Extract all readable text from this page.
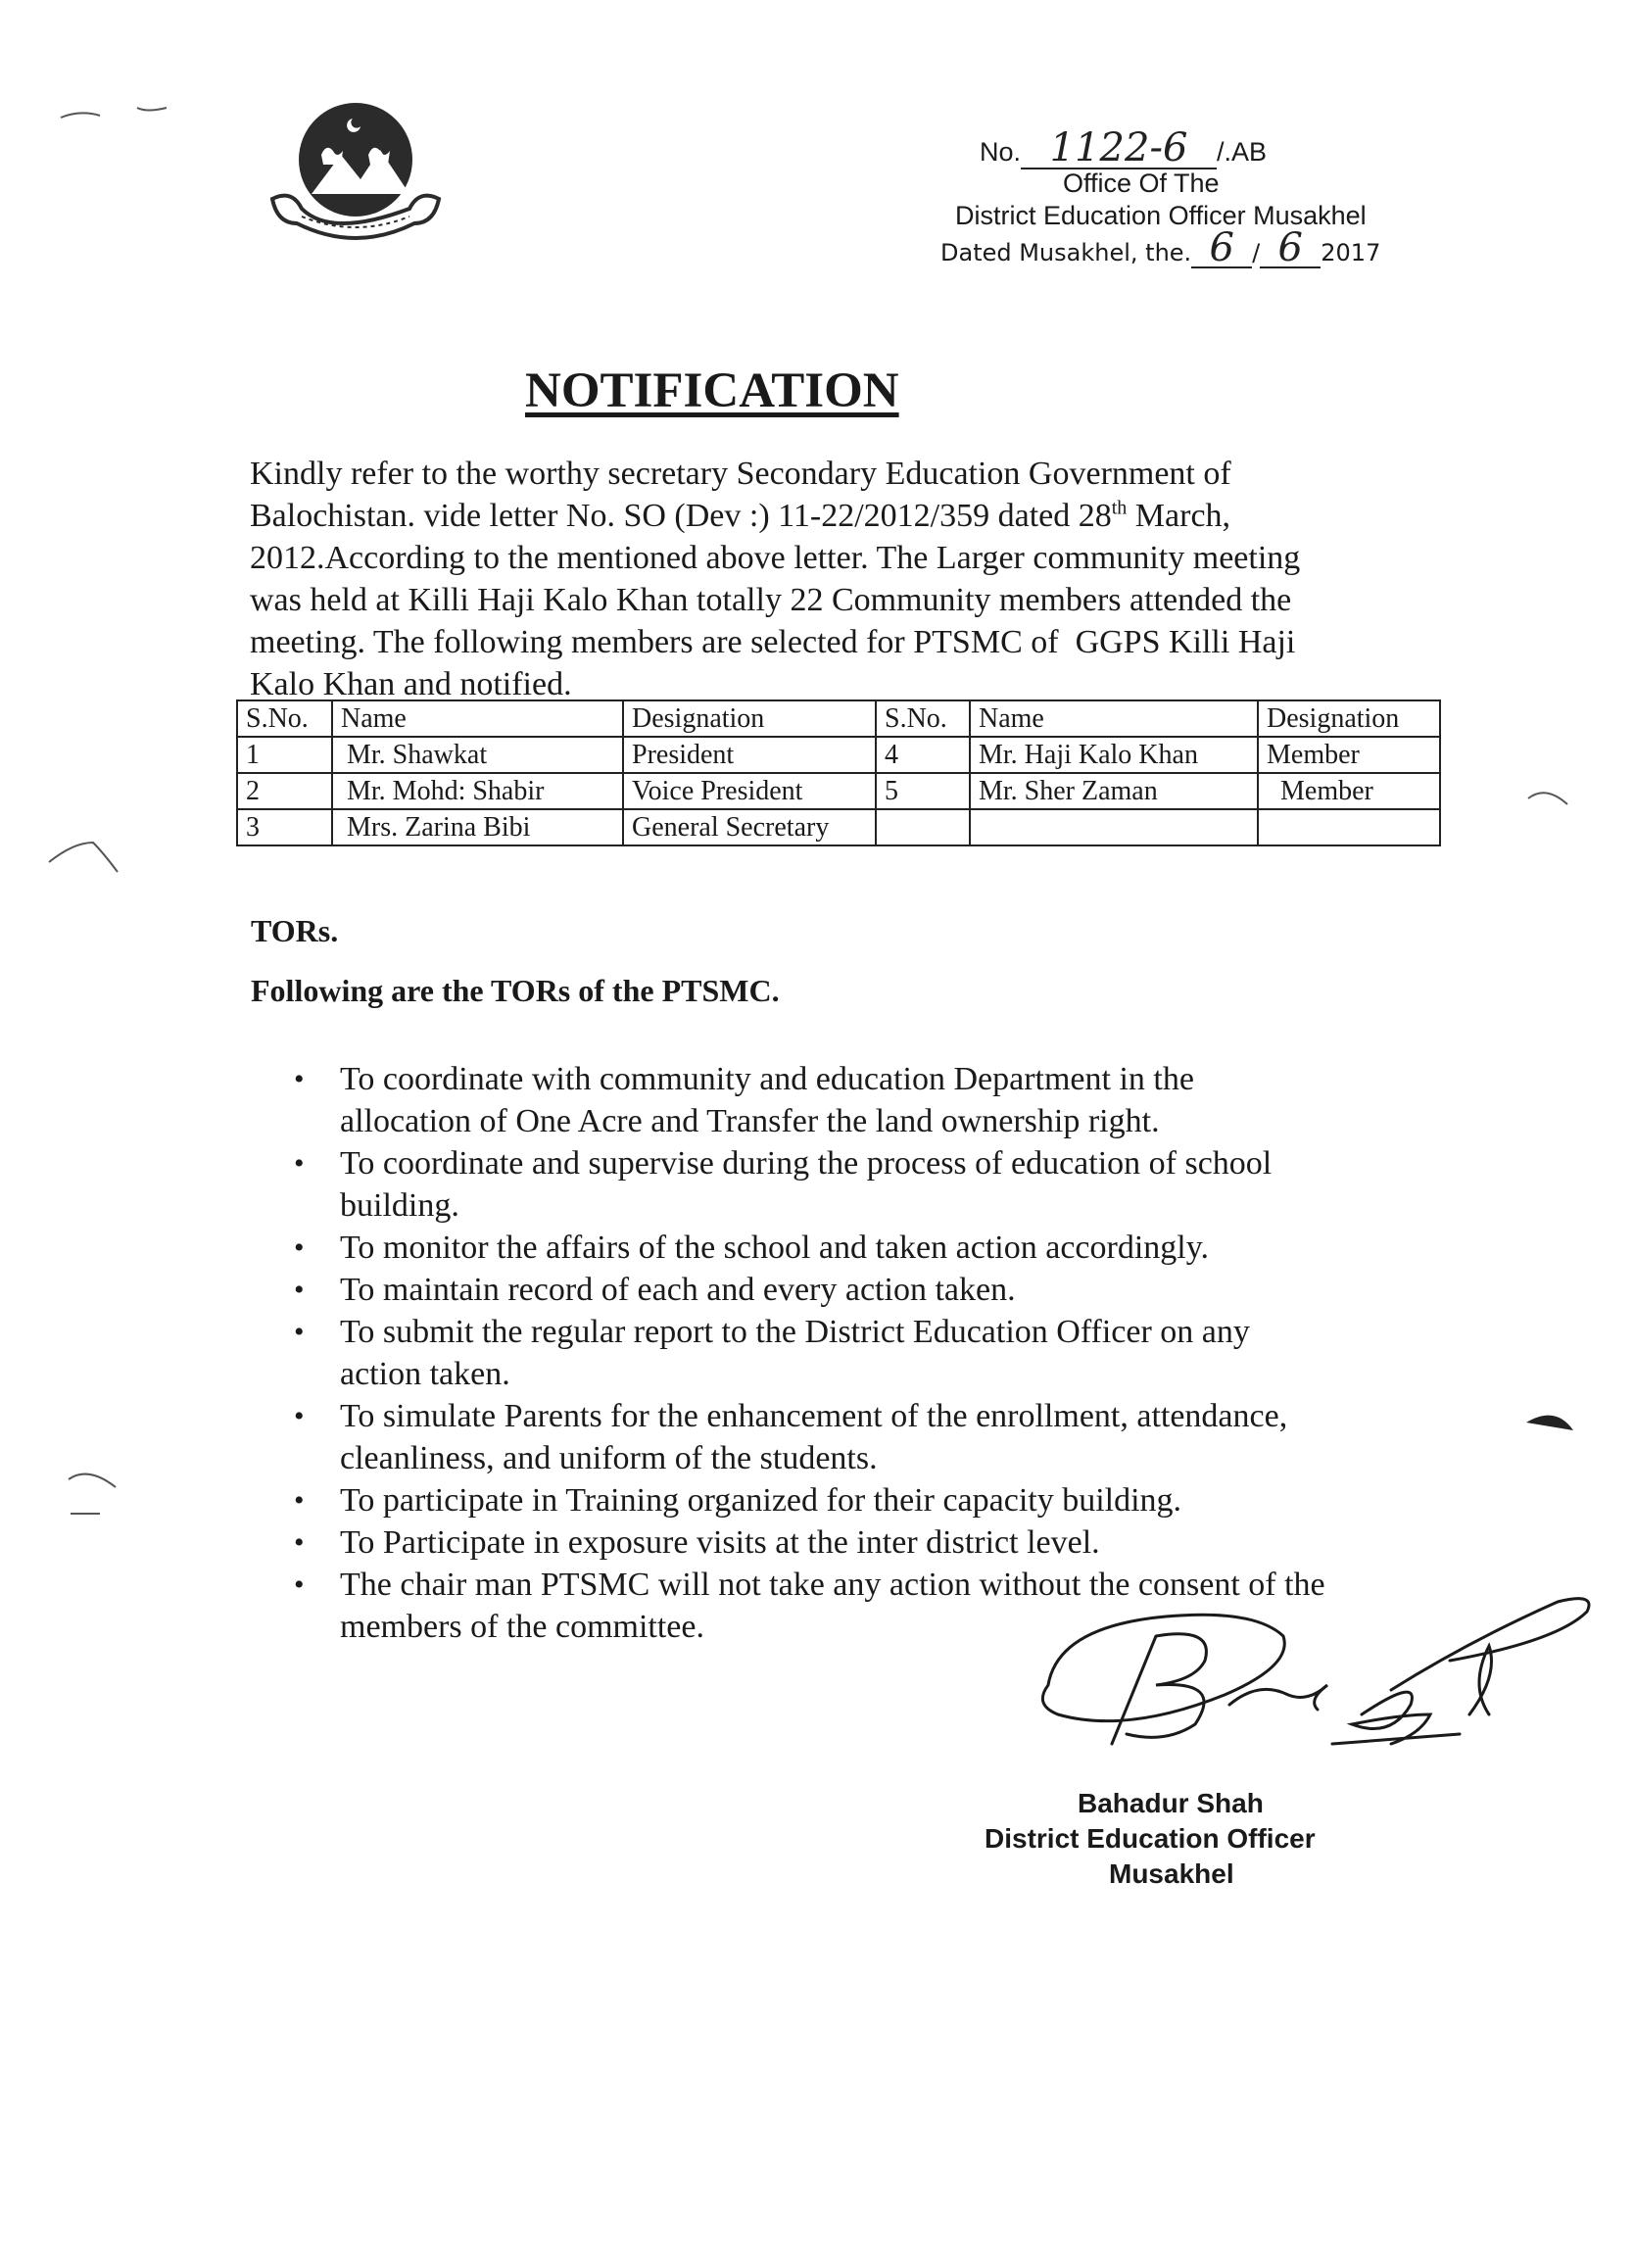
No. 1122-6 /.AB
Office Of The
District Education Officer Musakhel
Dated Musakhel, the. 6 / 6 2017
NOTIFICATION
Kindly refer to the worthy secretary Secondary Education Government of
Balochistan. vide letter No. SO (Dev :) 11-22/2012/359 dated 28th March,
2012.According to the mentioned above letter. The Larger community meeting
was held at Killi Haji Kalo Khan totally 22 Community members attended the
meeting. The following members are selected for PTSMC of  GGPS Killi Haji
Kalo Khan and notified.
S.No.	Name	Designation	S.No.	Name	Designation
1	Mr. Shawkat	President	4	Mr. Haji Kalo Khan	Member
2	Mr. Mohd: Shabir	Voice President	5	Mr. Sher Zaman	Member
3	Mrs. Zarina Bibi	General Secretary			
TORs.
Following are the TORs of the PTSMC.
• To coordinate with community and education Department in the
allocation of One Acre and Transfer the land ownership right.
• To coordinate and supervise during the process of education of school
building.
• To monitor the affairs of the school and taken action accordingly.
• To maintain record of each and every action taken.
• To submit the regular report to the District Education Officer on any
action taken.
• To simulate Parents for the enhancement of the enrollment, attendance,
cleanliness, and uniform of the students.
• To participate in Training organized for their capacity building.
• To Participate in exposure visits at the inter district level.
• The chair man PTSMC will not take any action without the consent of the
members of the committee.
Bahadur Shah
District Education Officer
Musakhel
